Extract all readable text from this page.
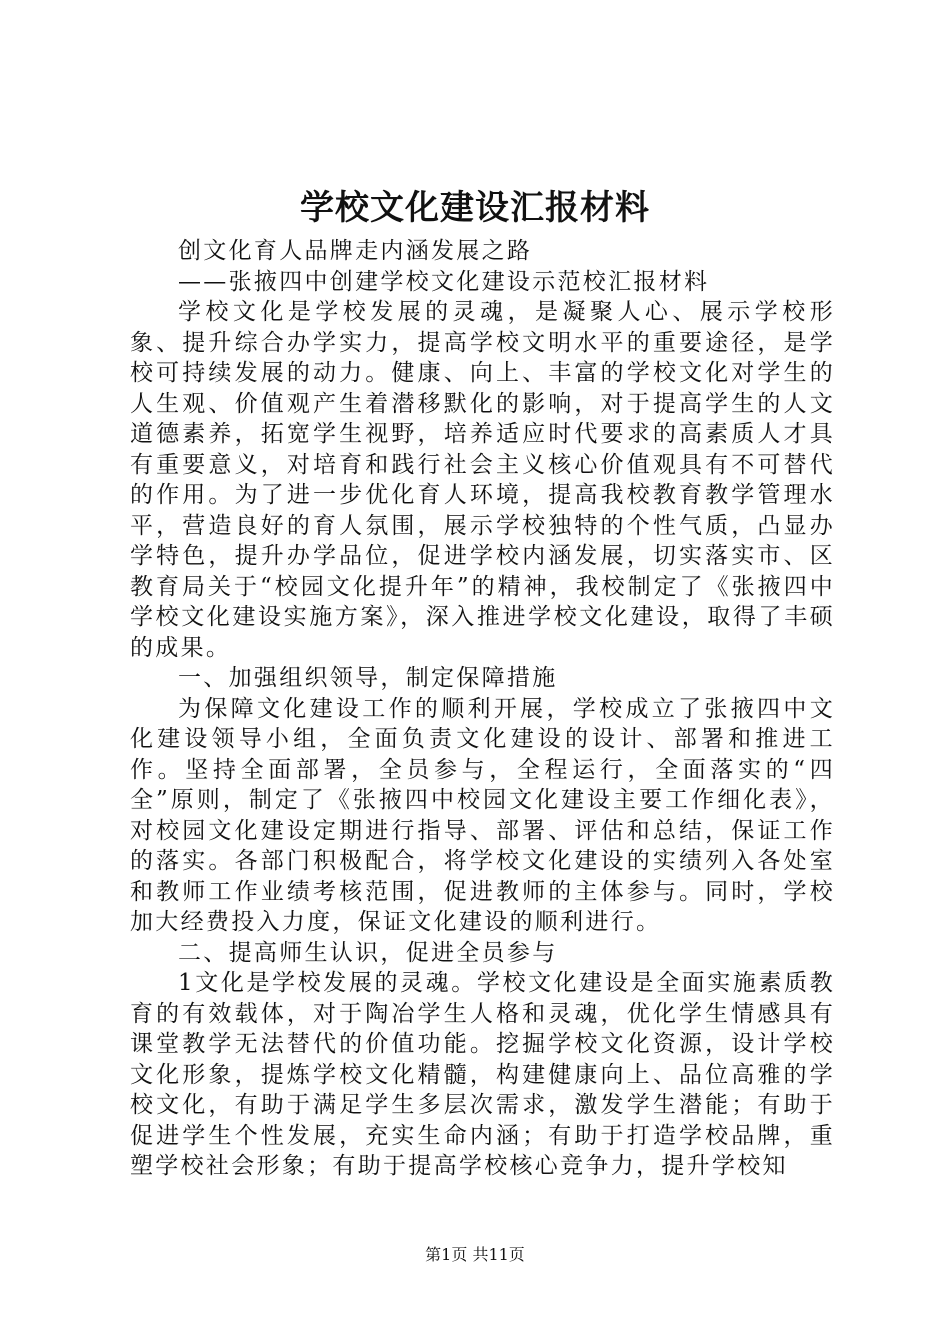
学校文化建设汇报材料

创文化育人品牌走内涵发展之路

——张掖四中创建学校文化建设示范校汇报材料

学校文化是学校发展的灵魂，是凝聚人心、展示学校形象、提升综合办学实力，提高学校文明水平的重要途径，是学校可持续发展的动力。健康、向上、丰富的学校文化对学生的人生观、价值观产生着潜移默化的影响，对于提高学生的人文道德素养，拓宽学生视野，培养适应时代要求的高素质人才具有重要意义，对培育和践行社会主义核心价值观具有不可替代的作用。为了进一步优化育人环境，提高我校教育教学管理水平，营造良好的育人氛围，展示学校独特的个性气质，凸显办学特色，提升办学品位，促进学校内涵发展，切实落实市、区教育局关于“校园文化提升年”的精神，我校制定了《张掖四中学校文化建设实施方案》，深入推进学校文化建设，取得了丰硕的成果。

一、加强组织领导，制定保障措施

为保障文化建设工作的顺利开展，学校成立了张掖四中文化建设领导小组，全面负责文化建设的设计、部署和推进工作。坚持全面部署，全员参与，全程运行，全面落实的“四全”原则，制定了《张掖四中校园文化建设主要工作细化表》，对校园文化建设定期进行指导、部署、评估和总结，保证工作的落实。各部门积极配合，将学校文化建设的实绩列入各处室和教师工作业绩考核范围，促进教师的主体参与。同时，学校加大经费投入力度，保证文化建设的顺利进行。

二、提高师生认识，促进全员参与

1文化是学校发展的灵魂。学校文化建设是全面实施素质教育的有效载体，对于陶冶学生人格和灵魂，优化学生情感具有课堂教学无法替代的价值功能。挖掘学校文化资源，设计学校文化形象，提炼学校文化精髓，构建健康向上、品位高雅的学校文化，有助于满足学生多层次需求，激发学生潜能；有助于促进学生个性发展，充实生命内涵；有助于打造学校品牌，重塑学校社会形象；有助于提高学校核心竞争力，提升学校知

第1页 共11页
